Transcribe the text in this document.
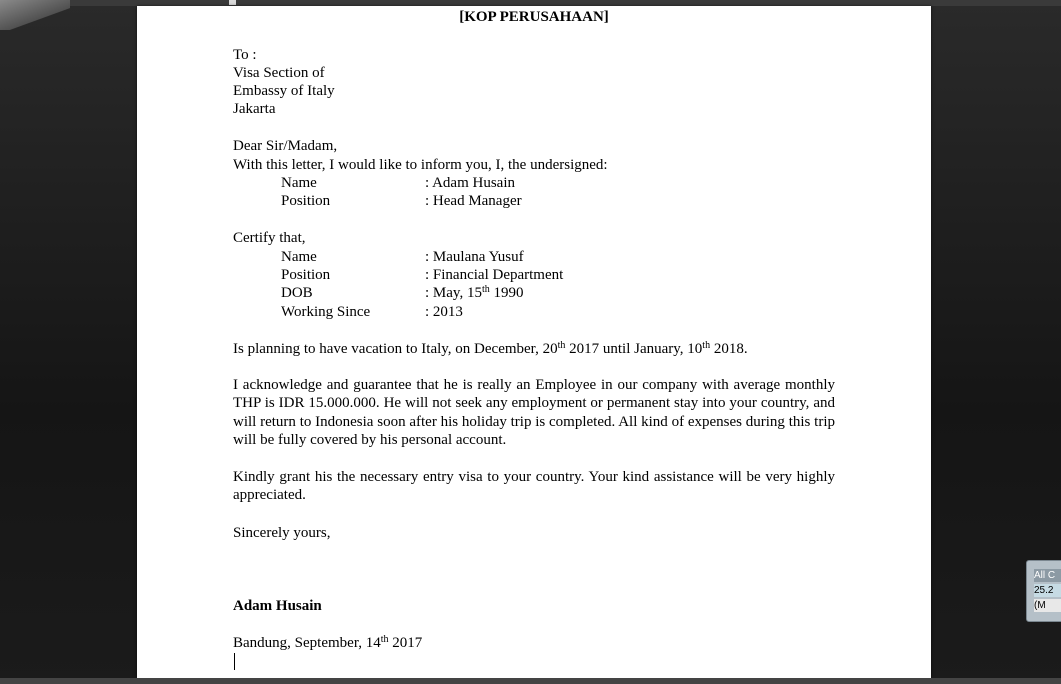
[KOP PERUSAHAAN]
To :
Visa Section of
Embassy of Italy
Jakarta
Dear Sir/Madam,
With this letter, I would like to inform you, I, the undersigned:
Name	: Adam Husain
Position	: Head Manager
Certify that,
Name	: Maulana Yusuf
Position	: Financial Department
DOB	: May, 15th 1990
Working Since	: 2013
Is planning to have vacation to Italy, on December, 20th 2017 until January, 10th 2018.
I acknowledge and guarantee that he is really an Employee in our company with average monthly THP is IDR 15.000.000. He will not seek any employment or permanent stay into your country, and will return to Indonesia soon after his holiday trip is completed. All kind of expenses during this trip will be fully covered by his personal account.
Kindly grant his the necessary entry visa to your country. Your kind assistance will be very highly appreciated.
Sincerely yours,
Adam Husain
Bandung, September, 14th 2017
All C
25.2
(M
